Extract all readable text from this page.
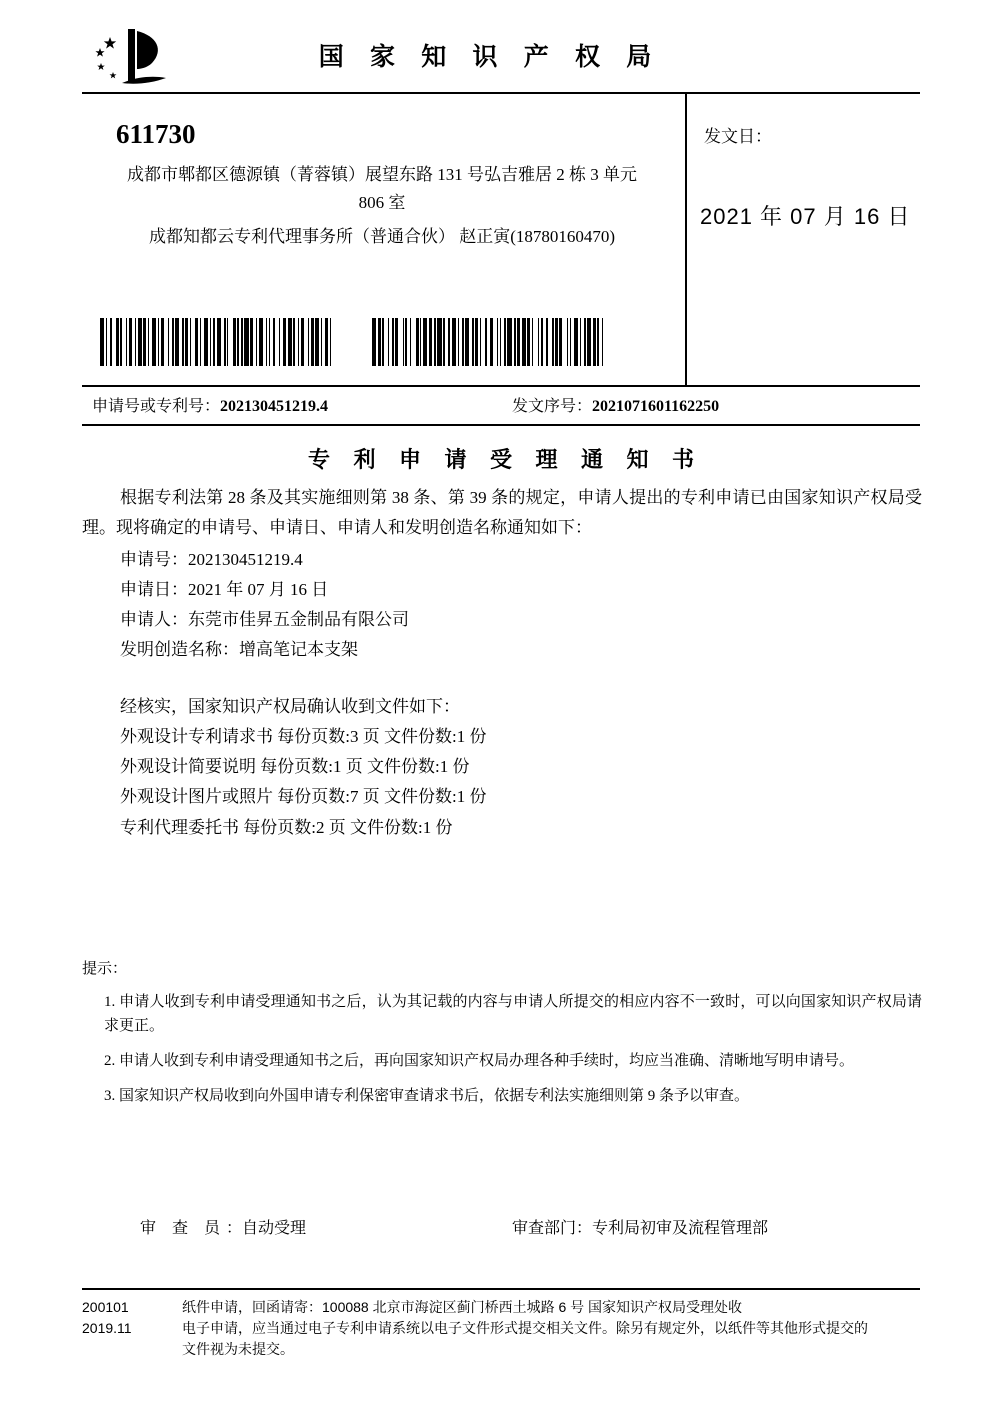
国 家 知 识 产 权 局
611730
成都市郫都区德源镇（菁蓉镇）展望东路 131 号弘吉雅居 2 栋 3 单元
806 室
成都知都云专利代理事务所（普通合伙） 赵正寅(18780160470)
发文日：
2021 年 07 月 16 日
申请号或专利号：202130451219.4	发文序号：2021071601162250
专 利 申 请 受 理 通 知 书
根据专利法第 28 条及其实施细则第 38 条、第 39 条的规定，申请人提出的专利申请已由国家知识产权局受理。现将确定的申请号、申请日、申请人和发明创造名称通知如下：
申请号：202130451219.4
申请日：2021 年 07 月 16 日
申请人：东莞市佳昇五金制品有限公司
发明创造名称：增高笔记本支架
经核实，国家知识产权局确认收到文件如下：
外观设计专利请求书 每份页数:3 页 文件份数:1 份
外观设计简要说明 每份页数:1 页 文件份数:1 份
外观设计图片或照片 每份页数:7 页 文件份数:1 份
专利代理委托书 每份页数:2 页 文件份数:1 份
提示：
1. 申请人收到专利申请受理通知书之后，认为其记载的内容与申请人所提交的相应内容不一致时，可以向国家知识产权局请求更正。
2. 申请人收到专利申请受理通知书之后，再向国家知识产权局办理各种手续时，均应当准确、清晰地写明申请号。
3. 国家知识产权局收到向外国申请专利保密审查请求书后，依据专利法实施细则第 9 条予以审查。
审 查 员：自动受理	审查部门：专利局初审及流程管理部
200101
2019.11
纸件申请，回函请寄：100088 北京市海淀区蓟门桥西土城路 6 号 国家知识产权局受理处收
电子申请，应当通过电子专利申请系统以电子文件形式提交相关文件。除另有规定外，以纸件等其他形式提交的
文件视为未提交。
